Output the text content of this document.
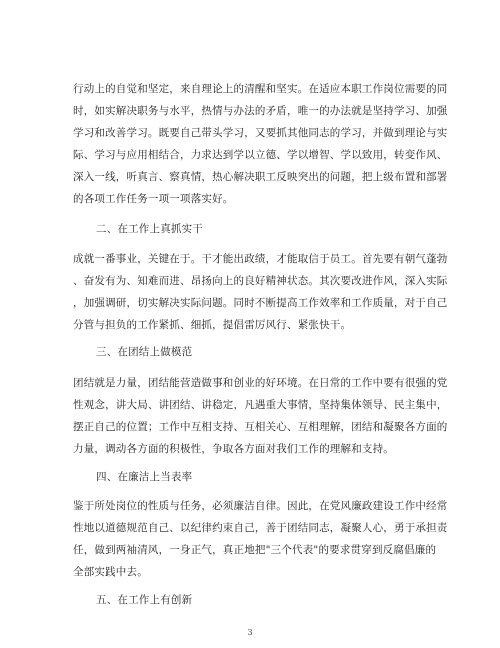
行动上的自觉和坚定，来自理论上的清醒和坚实。在适应本职工作岗位需要的同
时，如实解决职务与水平，热情与办法的矛盾，唯一的办法就是坚持学习、加强
学习和改善学习。既要自己带头学习，又要抓其他同志的学习，并做到理论与实
际、学习与应用相结合，力求达到学以立德、学以增智、学以致用，转变作风、
深入一线，听真言、察真情，热心解决职工反映突出的问题，把上级布置和部署
的各项工作任务一项一项落实好。
二、在工作上真抓实干
成就一番事业，关键在于。干才能出政绩，才能取信于员工。首先要有朝气蓬勃
、奋发有为、知难而进、昂扬向上的良好精神状态。其次要改进作风，深入实际
，加强调研，切实解决实际问题。同时不断提高工作效率和工作质量，对于自己
分管与担负的工作紧抓、细抓，提倡雷厉风行、紧张快干。
三、在团结上做模范
团结就是力量，团结能营造做事和创业的好环境。在日常的工作中要有很强的党
性观念，讲大局、讲团结、讲稳定，凡遇重大事情，坚持集体领导、民主集中，
摆正自己的位置；工作中互相支持、互相关心、互相理解，团结和凝聚各方面的
力量，调动各方面的积极性，争取各方面对我们工作的理解和支持。
四、在廉洁上当表率
鉴于所处岗位的性质与任务，必须廉洁自律。因此，在党风廉政建设工作中经常
性地以道德规范自己、以纪律约束自己，善于团结同志，凝聚人心，勇于承担责
任，做到两袖清风，一身正气，真正地把"三个代表"的要求贯穿到反腐倡廉的
全部实践中去。
五、在工作上有创新
3
